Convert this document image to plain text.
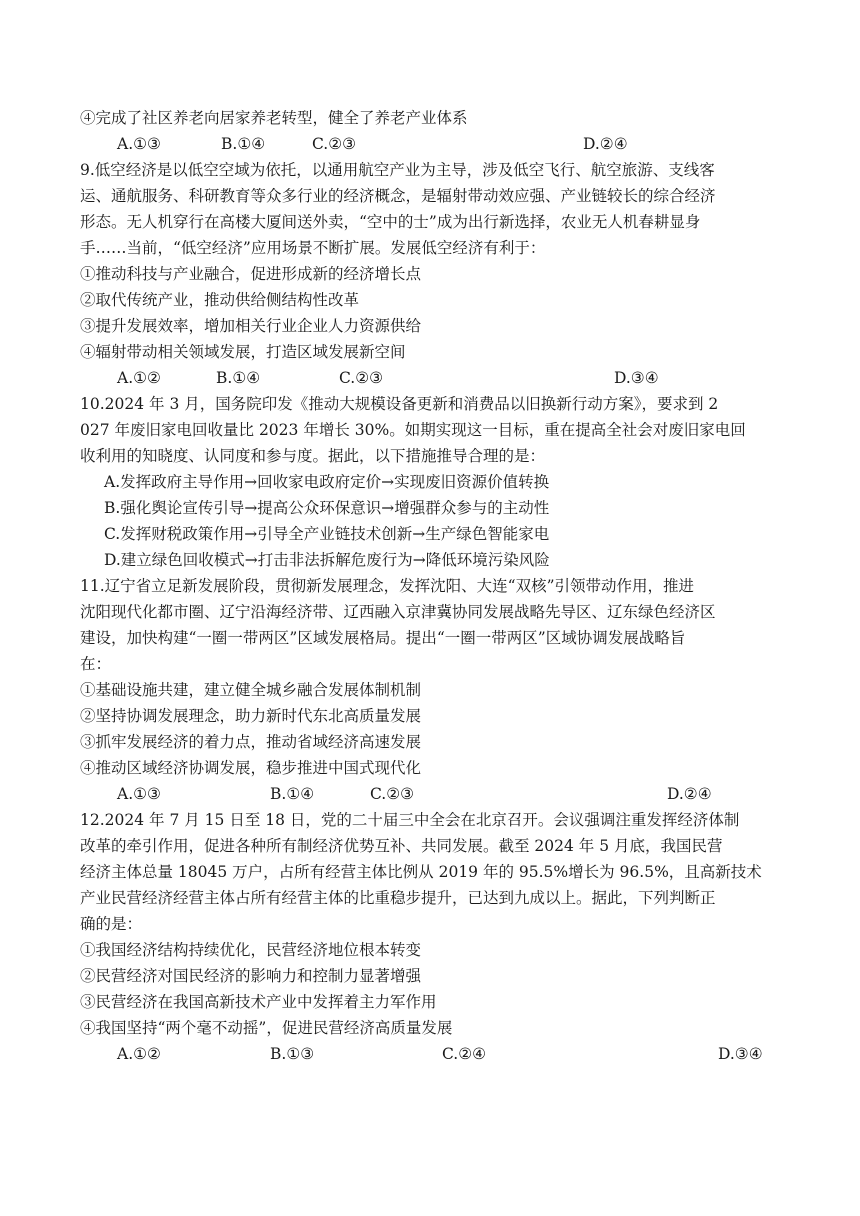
④完成了社区养老向居家养老转型，健全了养老产业体系
A.①③	B.①④	C.②③	D.②④
9.低空经济是以低空空域为依托，以通用航空产业为主导，涉及低空飞行、航空旅游、支线客
运、通航服务、科研教育等众多行业的经济概念，是辐射带动效应强、产业链较长的综合经济
形态。无人机穿行在高楼大厦间送外卖，“空中的士”成为出行新选择，农业无人机春耕显身
手……当前，“低空经济”应用场景不断扩展。发展低空经济有利于：
①推动科技与产业融合，促进形成新的经济增长点
②取代传统产业，推动供给侧结构性改革
③提升发展效率，增加相关行业企业人力资源供给
④辐射带动相关领域发展，打造区域发展新空间
A.①②	B.①④	C.②③	D.③④
10.2024 年 3 月，国务院印发《推动大规模设备更新和消费品以旧换新行动方案》，要求到 2
027 年废旧家电回收量比 2023 年增长 30%。如期实现这一目标，重在提高全社会对废旧家电回
收利用的知晓度、认同度和参与度。据此，以下措施推导合理的是：
A.发挥政府主导作用→回收家电政府定价→实现废旧资源价值转换
B.强化舆论宣传引导→提高公众环保意识→增强群众参与的主动性
C.发挥财税政策作用→引导全产业链技术创新→生产绿色智能家电
D.建立绿色回收模式→打击非法拆解危废行为→降低环境污染风险
11.辽宁省立足新发展阶段，贯彻新发展理念，发挥沈阳、大连“双核”引领带动作用，推进
沈阳现代化都市圈、辽宁沿海经济带、辽西融入京津冀协同发展战略先导区、辽东绿色经济区
建设，加快构建“一圈一带两区”区域发展格局。提出“一圈一带两区”区域协调发展战略旨
在：
①基础设施共建，建立健全城乡融合发展体制机制
②坚持协调发展理念，助力新时代东北高质量发展
③抓牢发展经济的着力点，推动省域经济高速发展
④推动区域经济协调发展，稳步推进中国式现代化
A.①③	B.①④	C.②③	D.②④
12.2024 年 7 月 15 日至 18 日，党的二十届三中全会在北京召开。会议强调注重发挥经济体制
改革的牵引作用，促进各种所有制经济优势互补、共同发展。截至 2024 年 5 月底，我国民营
经济主体总量 18045 万户，占所有经营主体比例从 2019 年的 95.5%增长为 96.5%，且高新技术
产业民营经济经营主体占所有经营主体的比重稳步提升，已达到九成以上。据此，下列判断正
确的是：
①我国经济结构持续优化，民营经济地位根本转变
②民营经济对国民经济的影响力和控制力显著增强
③民营经济在我国高新技术产业中发挥着主力军作用
④我国坚持“两个毫不动摇”，促进民营经济高质量发展
A.①②	B.①③	C.②④	D.③④
